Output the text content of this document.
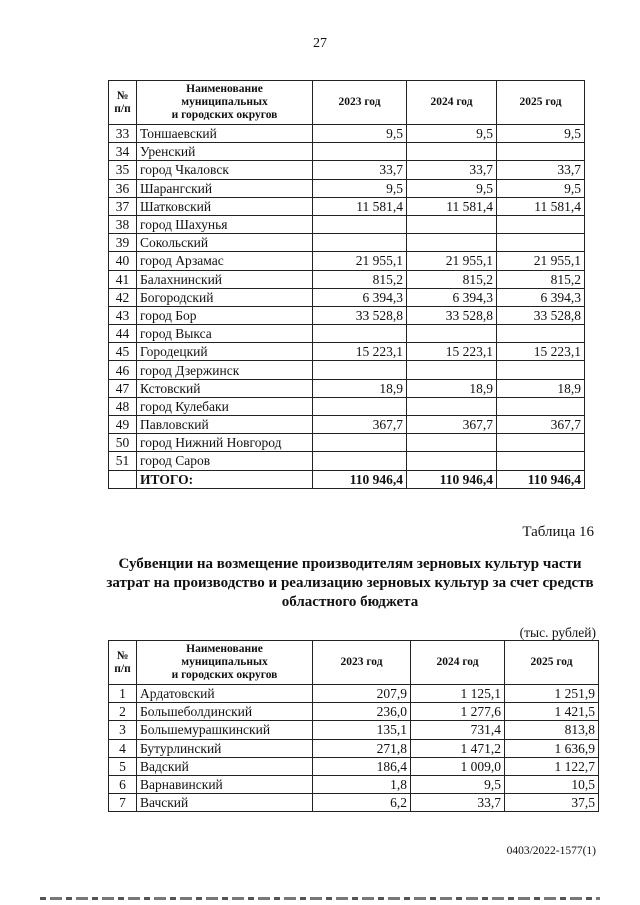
27
№
п/п	Наименование
муниципальных
и городских округов	2023 год	2024 год	2025 год
33	Тоншаевский	9,5	9,5	9,5
34	Уренский			
35	город Чкаловск	33,7	33,7	33,7
36	Шарангский	9,5	9,5	9,5
37	Шатковский	11 581,4	11 581,4	11 581,4
38	город Шахунья			
39	Сокольский			
40	город Арзамас	21 955,1	21 955,1	21 955,1
41	Балахнинский	815,2	815,2	815,2
42	Богородский	6 394,3	6 394,3	6 394,3
43	город Бор	33 528,8	33 528,8	33 528,8
44	город Выкса			
45	Городецкий	15 223,1	15 223,1	15 223,1
46	город Дзержинск			
47	Кстовский	18,9	18,9	18,9
48	город Кулебаки			
49	Павловский	367,7	367,7	367,7
50	город Нижний Новгород			
51	город Саров			
	ИТОГО:	110 946,4	110 946,4	110 946,4
Таблица 16
Субвенции на возмещение производителям зерновых культур части затрат на производство и реализацию зерновых культур за счет средств областного бюджета
(тыс. рублей)
№
п/п	Наименование
муниципальных
и городских округов	2023 год	2024 год	2025 год
1	Ардатовский	207,9	1 125,1	1 251,9
2	Большеболдинский	236,0	1 277,6	1 421,5
3	Большемурашкинский	135,1	731,4	813,8
4	Бутурлинский	271,8	1 471,2	1 636,9
5	Вадский	186,4	1 009,0	1 122,7
6	Варнавинский	1,8	9,5	10,5
7	Вачский	6,2	33,7	37,5
0403/2022-1577(1)
